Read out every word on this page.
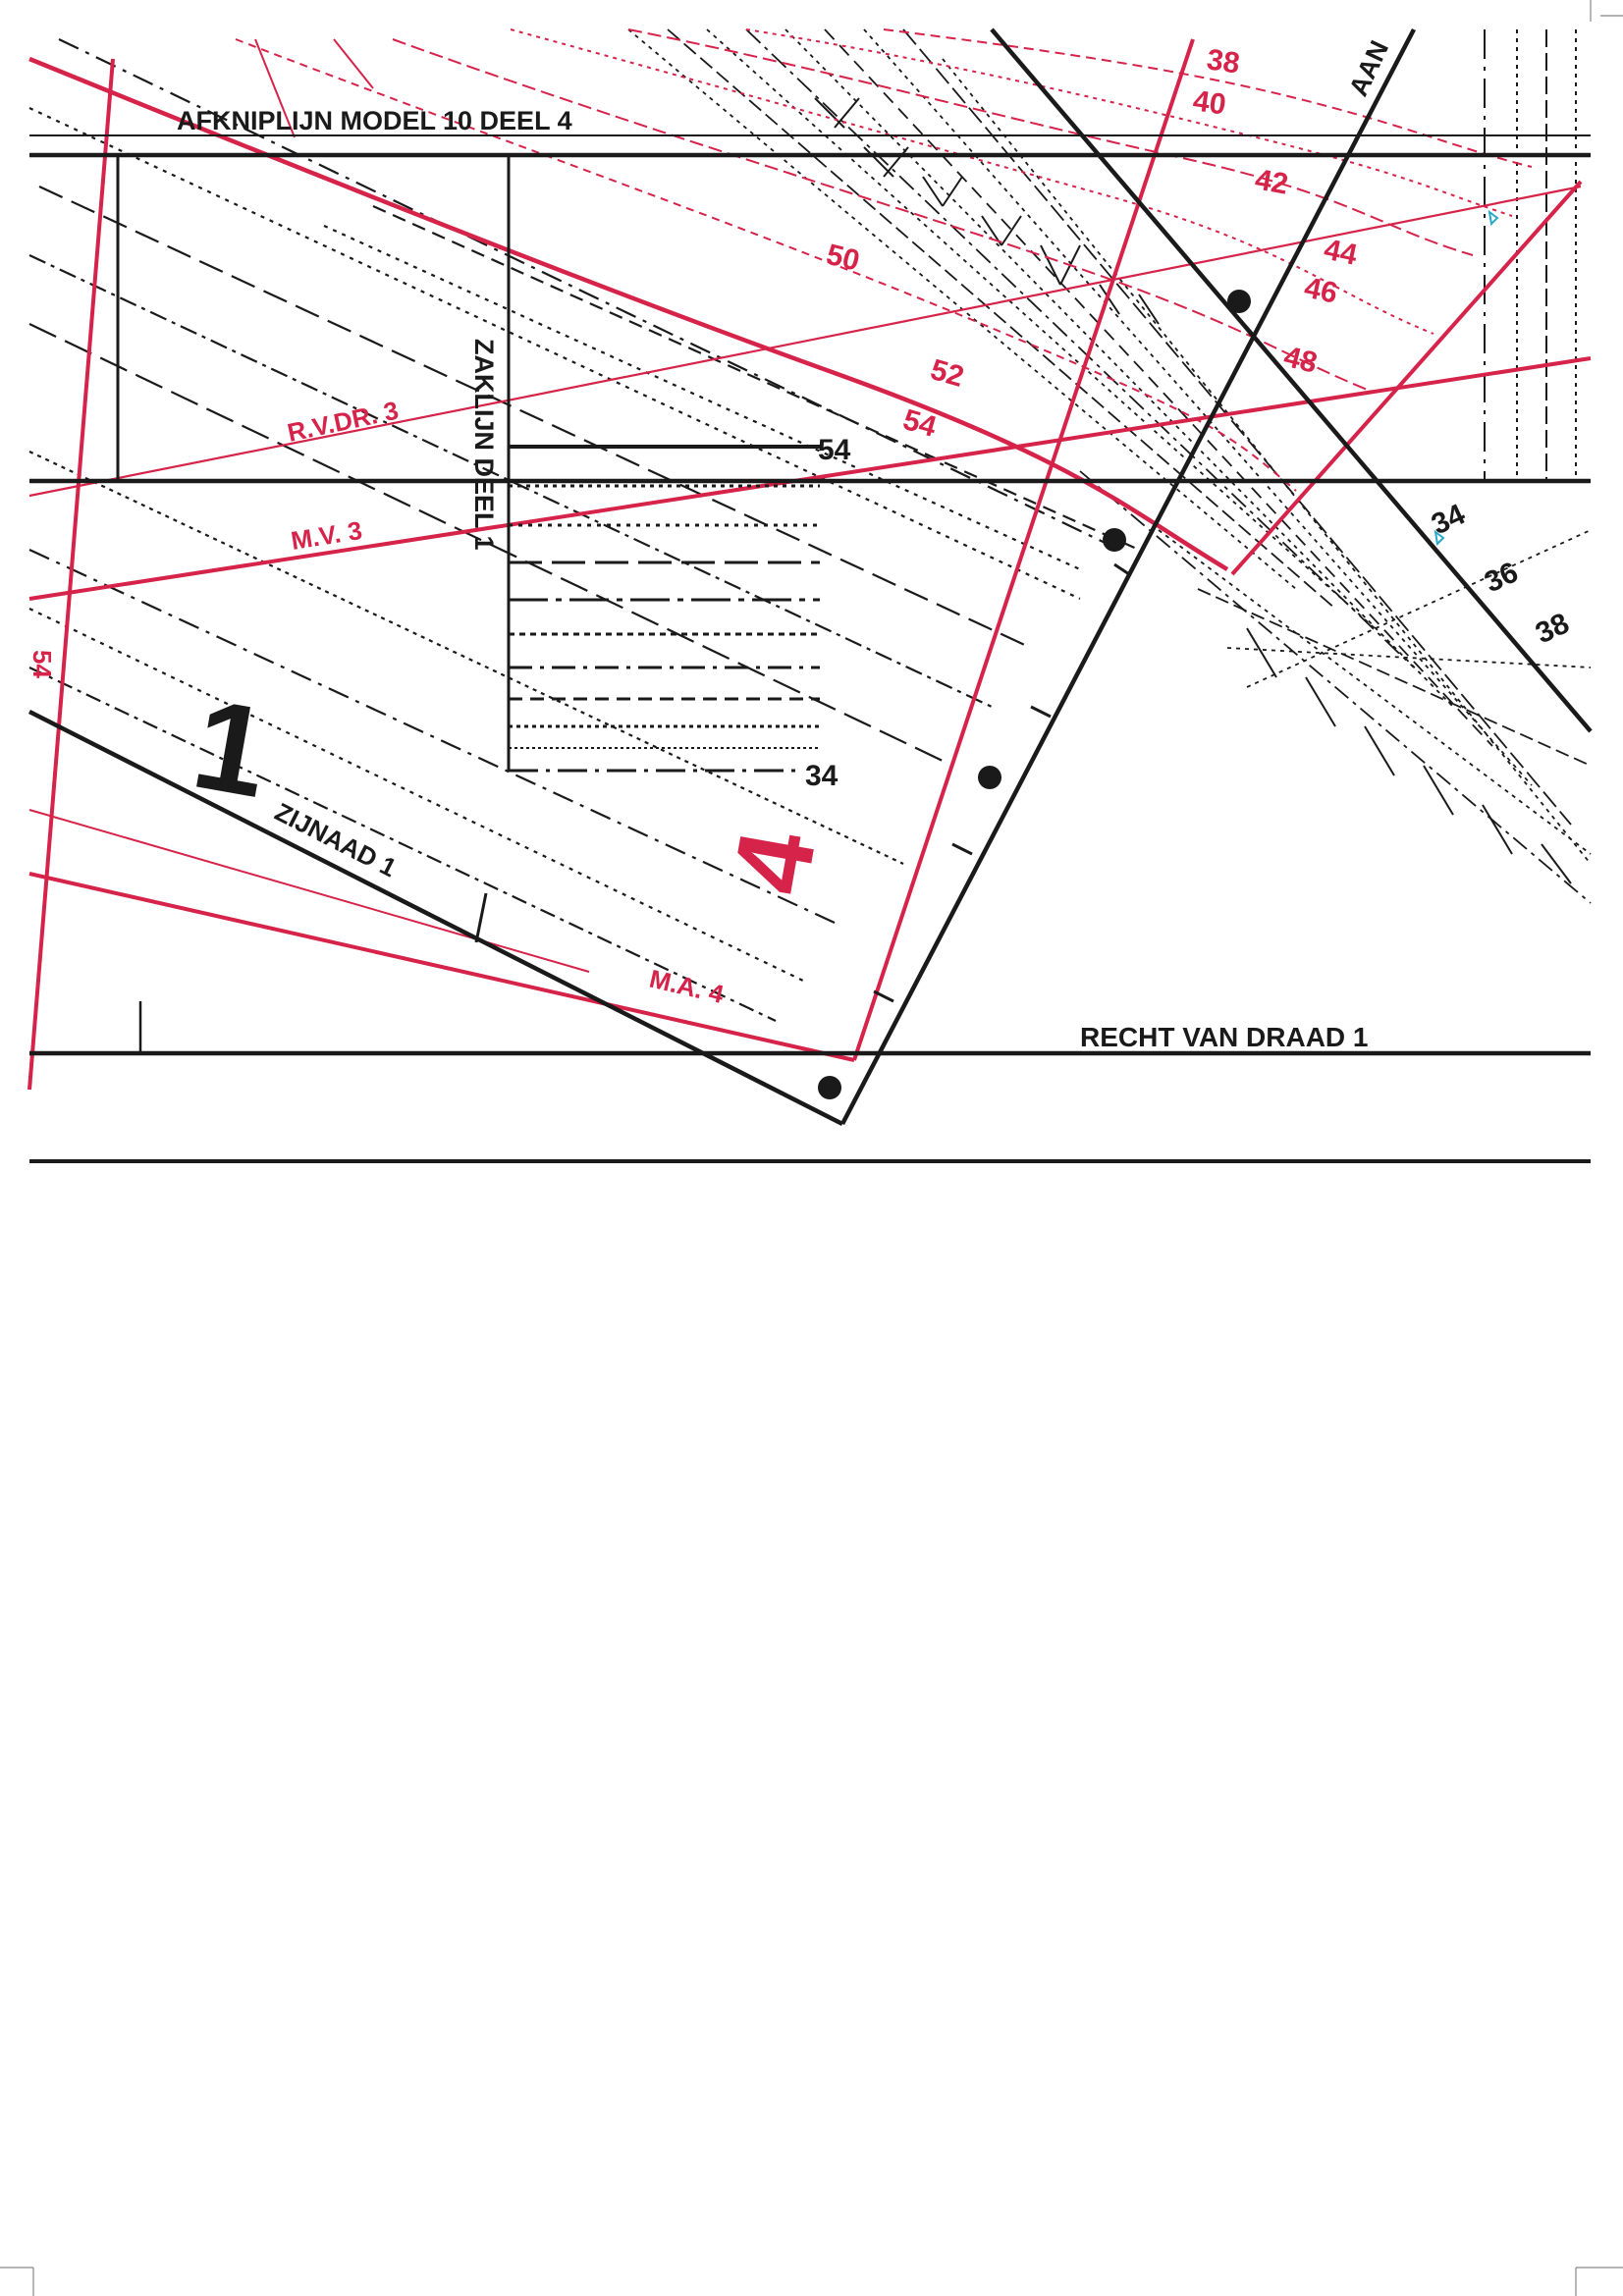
AFKNIPLIJN MODEL 10 DEEL 4
ZAKLIJN DEEL 1
RECHT VAN DRAAD 1
ZIJNAAD 1
R.V.DR. 3
M.V. 3
M.A. 4
AAN
1
4
54
34
38
40
42
44
46
48
50
52
54
54
34
36
38
